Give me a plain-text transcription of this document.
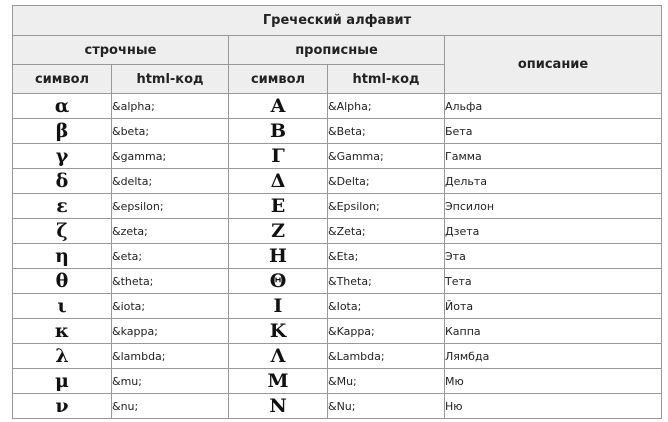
Греческий алфавит				
строчные		прописные		описание
символ	html-код	символ	html-код	
α	&alpha;	Α	&Alpha;	Альфа
β	&beta;	Β	&Beta;	Бета
γ	&gamma;	Γ	&Gamma;	Гамма
δ	&delta;	Δ	&Delta;	Дельта
ε	&epsilon;	Ε	&Epsilon;	Эпсилон
ζ	&zeta;	Ζ	&Zeta;	Дзета
η	&eta;	Η	&Eta;	Эта
θ	&theta;	Θ	&Theta;	Тета
ι	&iota;	Ι	&Iota;	Йота
κ	&kappa;	Κ	&Kappa;	Каппа
λ	&lambda;	Λ	&Lambda;	Лямбда
μ	&mu;	Μ	&Mu;	Мю
ν	&nu;	Ν	&Nu;	Ню
